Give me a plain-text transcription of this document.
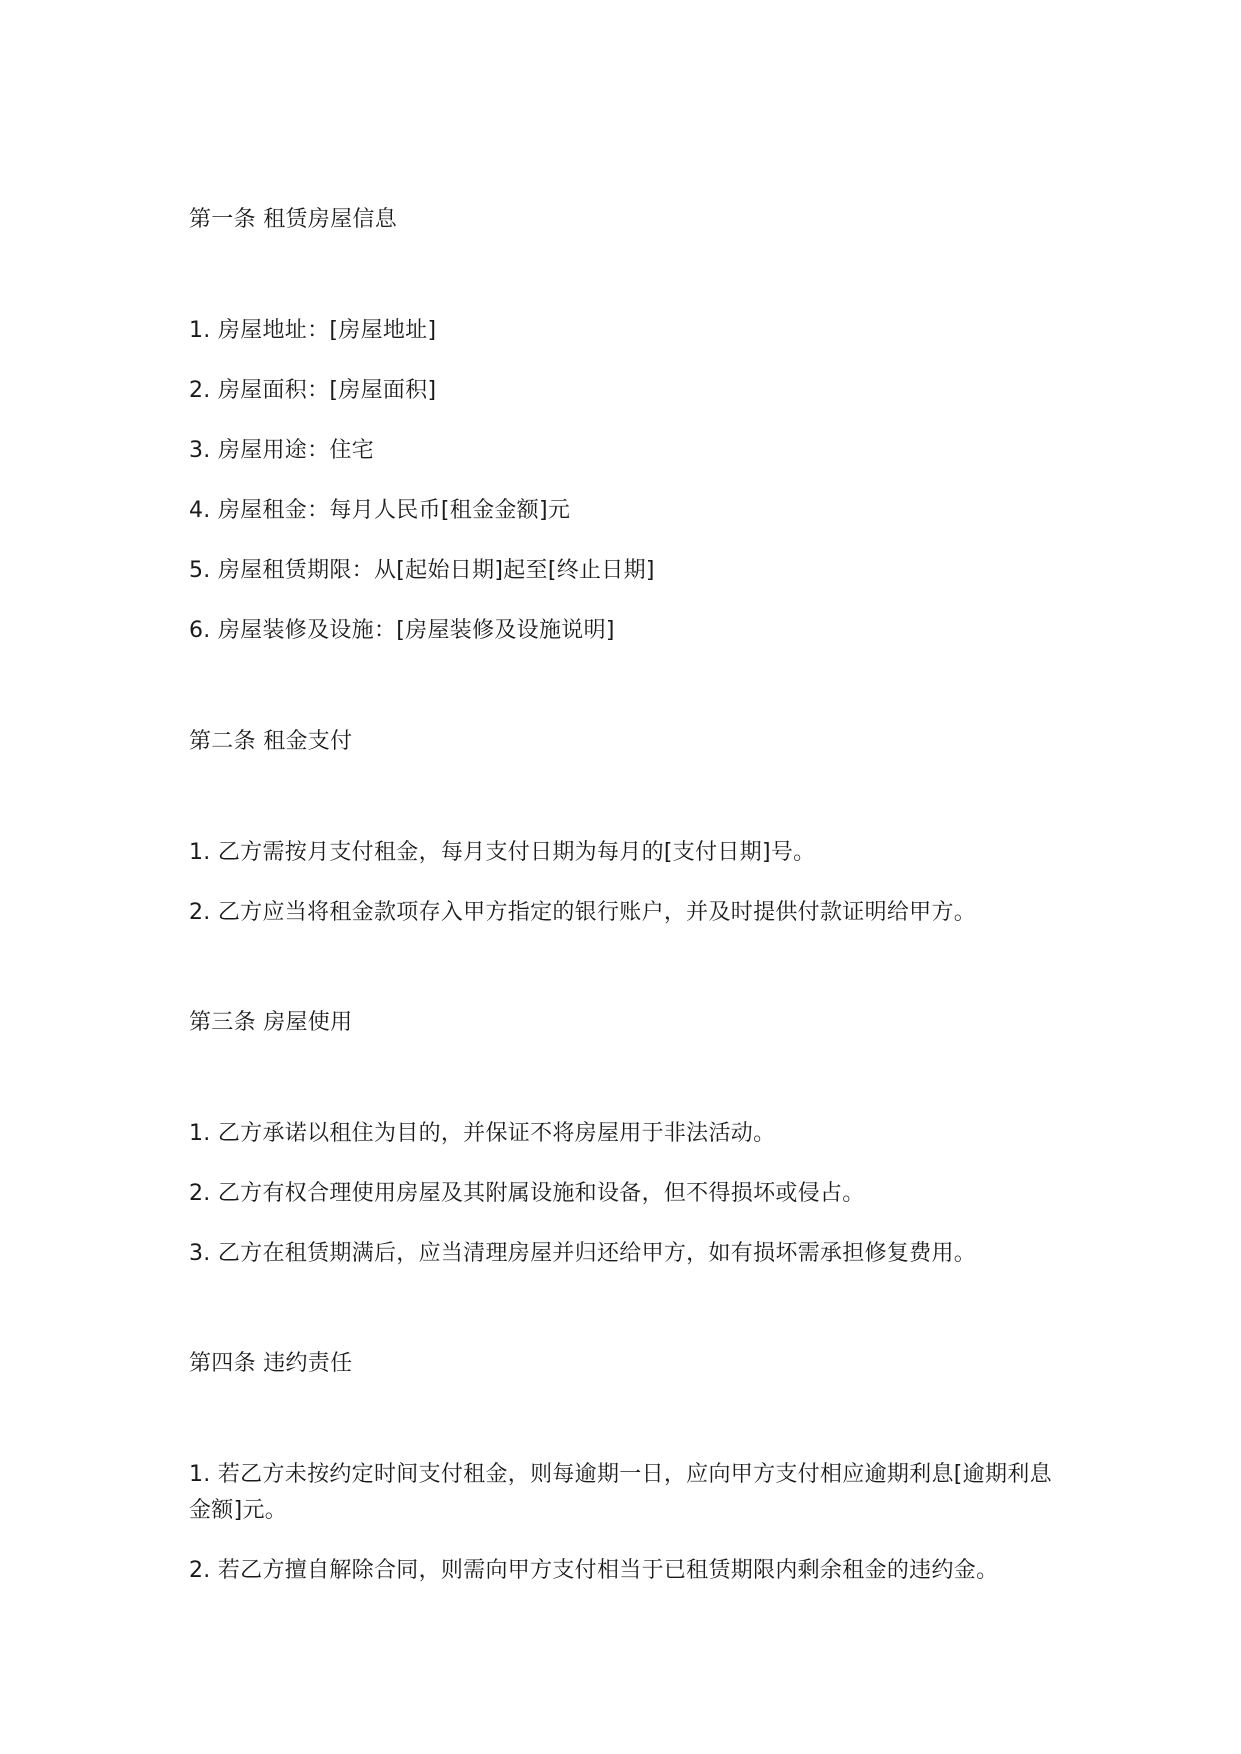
第一条 租赁房屋信息
1. 房屋地址：[房屋地址]
2. 房屋面积：[房屋面积]
3. 房屋用途：住宅
4. 房屋租金：每月人民币[租金金额]元
5. 房屋租赁期限：从[起始日期]起至[终止日期]
6. 房屋装修及设施：[房屋装修及设施说明]
第二条 租金支付
1. 乙方需按月支付租金，每月支付日期为每月的[支付日期]号。
2. 乙方应当将租金款项存入甲方指定的银行账户，并及时提供付款证明给甲方。
第三条 房屋使用
1. 乙方承诺以租住为目的，并保证不将房屋用于非法活动。
2. 乙方有权合理使用房屋及其附属设施和设备，但不得损坏或侵占。
3. 乙方在租赁期满后，应当清理房屋并归还给甲方，如有损坏需承担修复费用。
第四条 违约责任
1. 若乙方未按约定时间支付租金，则每逾期一日，应向甲方支付相应逾期利息[逾期利息金额]元。
2. 若乙方擅自解除合同，则需向甲方支付相当于已租赁期限内剩余租金的违约金。
